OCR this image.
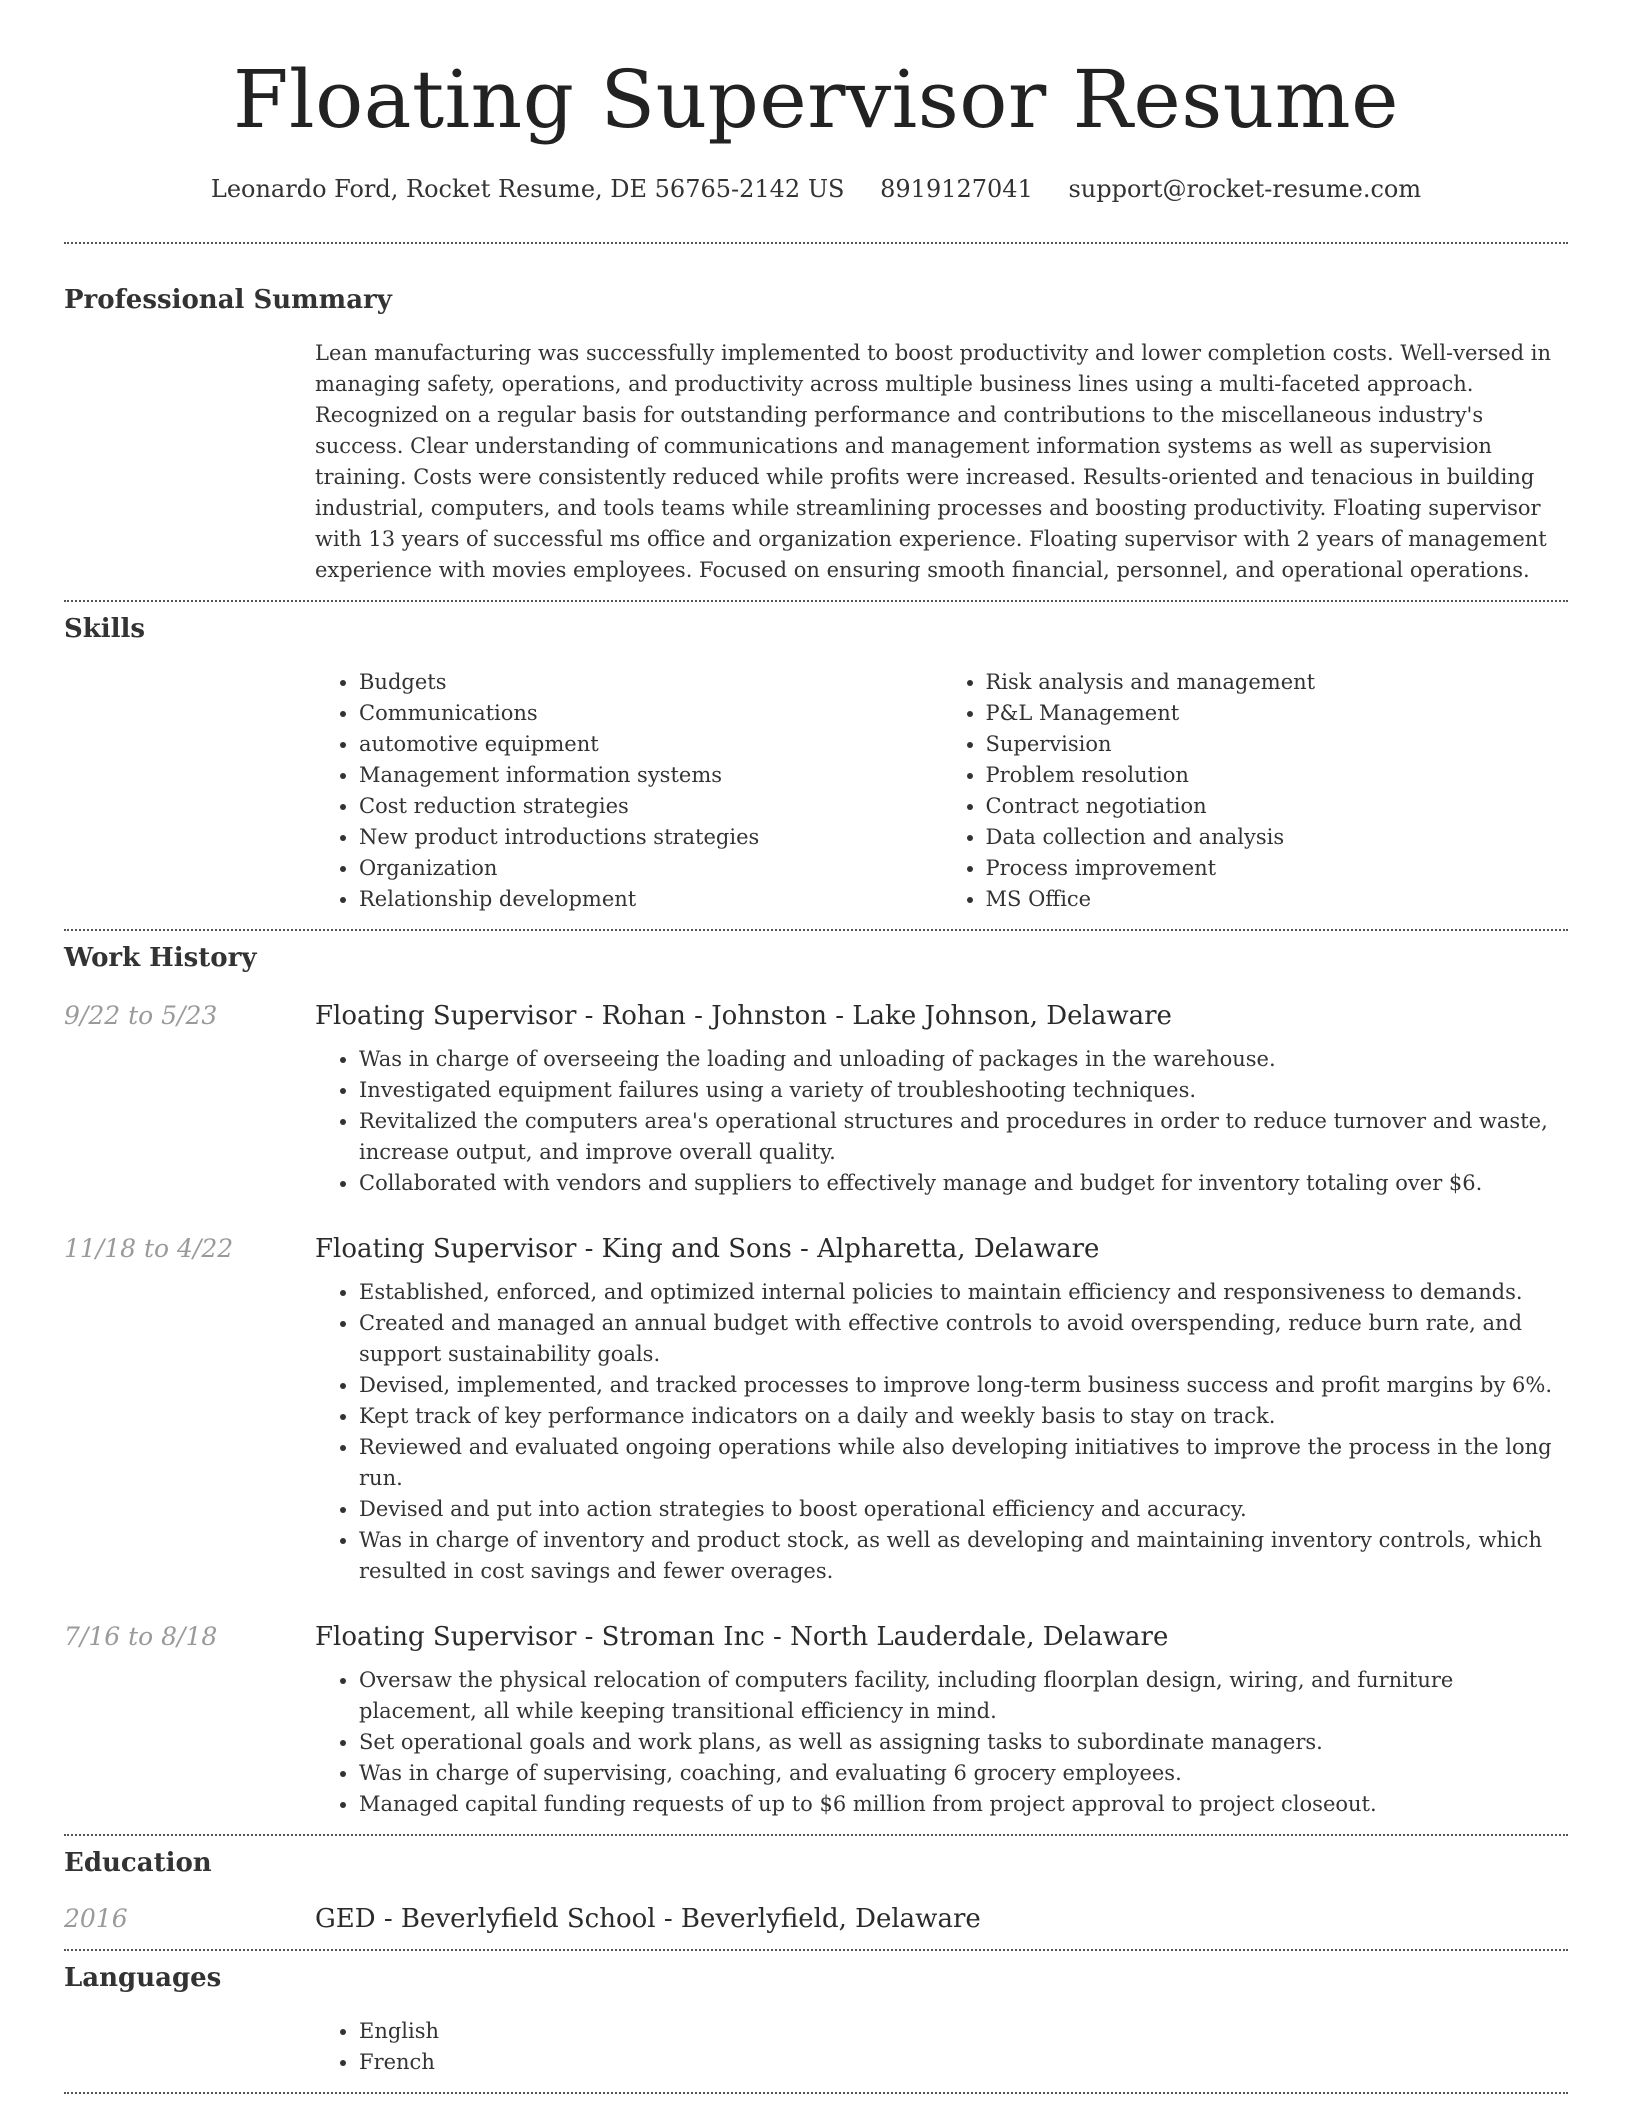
Floating Supervisor Resume
Leonardo Ford, Rocket Resume, DE 56765-2142 US 8919127041 support@rocket-resume.com
Professional Summary

Lean manufacturing was successfully implemented to boost productivity and lower completion costs. Well-versed in managing safety, operations, and productivity across multiple business lines using a multi-faceted approach. Recognized on a regular basis for outstanding performance and contributions to the miscellaneous industry's success. Clear understanding of communications and management information systems as well as supervision training. Costs were consistently reduced while profits were increased. Results-oriented and tenacious in building industrial, computers, and tools teams while streamlining processes and boosting productivity. Floating supervisor with 13 years of successful ms office and organization experience. Floating supervisor with 2 years of management experience with movies employees. Focused on ensuring smooth financial, personnel, and operational operations.

Skills
• Budgets
• Communications
• automotive equipment
• Management information systems
• Cost reduction strategies
• New product introductions strategies
• Organization
• Relationship development
• Risk analysis and management
• P&L Management
• Supervision
• Problem resolution
• Contract negotiation
• Data collection and analysis
• Process improvement
• MS Office
Work History
9/22 to 5/23	Floating Supervisor - Rohan - Johnston - Lake Johnson, Delaware
• Was in charge of overseeing the loading and unloading of packages in the warehouse.
• Investigated equipment failures using a variety of troubleshooting techniques.
• Revitalized the computers area's operational structures and procedures in order to reduce turnover and waste, increase output, and improve overall quality.
• Collaborated with vendors and suppliers to effectively manage and budget for inventory totaling over $6.
11/18 to 4/22	Floating Supervisor - King and Sons - Alpharetta, Delaware
• Established, enforced, and optimized internal policies to maintain efficiency and responsiveness to demands.
• Created and managed an annual budget with effective controls to avoid overspending, reduce burn rate, and support sustainability goals.
• Devised, implemented, and tracked processes to improve long-term business success and profit margins by 6%.
• Kept track of key performance indicators on a daily and weekly basis to stay on track.
• Reviewed and evaluated ongoing operations while also developing initiatives to improve the process in the long run.
• Devised and put into action strategies to boost operational efficiency and accuracy.
• Was in charge of inventory and product stock, as well as developing and maintaining inventory controls, which resulted in cost savings and fewer overages.
7/16 to 8/18	Floating Supervisor - Stroman Inc - North Lauderdale, Delaware
• Oversaw the physical relocation of computers facility, including floorplan design, wiring, and furniture placement, all while keeping transitional efficiency in mind.
• Set operational goals and work plans, as well as assigning tasks to subordinate managers.
• Was in charge of supervising, coaching, and evaluating 6 grocery employees.
• Managed capital funding requests of up to $6 million from project approval to project closeout.
Education
2016	GED - Beverlyfield School - Beverlyfield, Delaware
Languages
• English
• French
